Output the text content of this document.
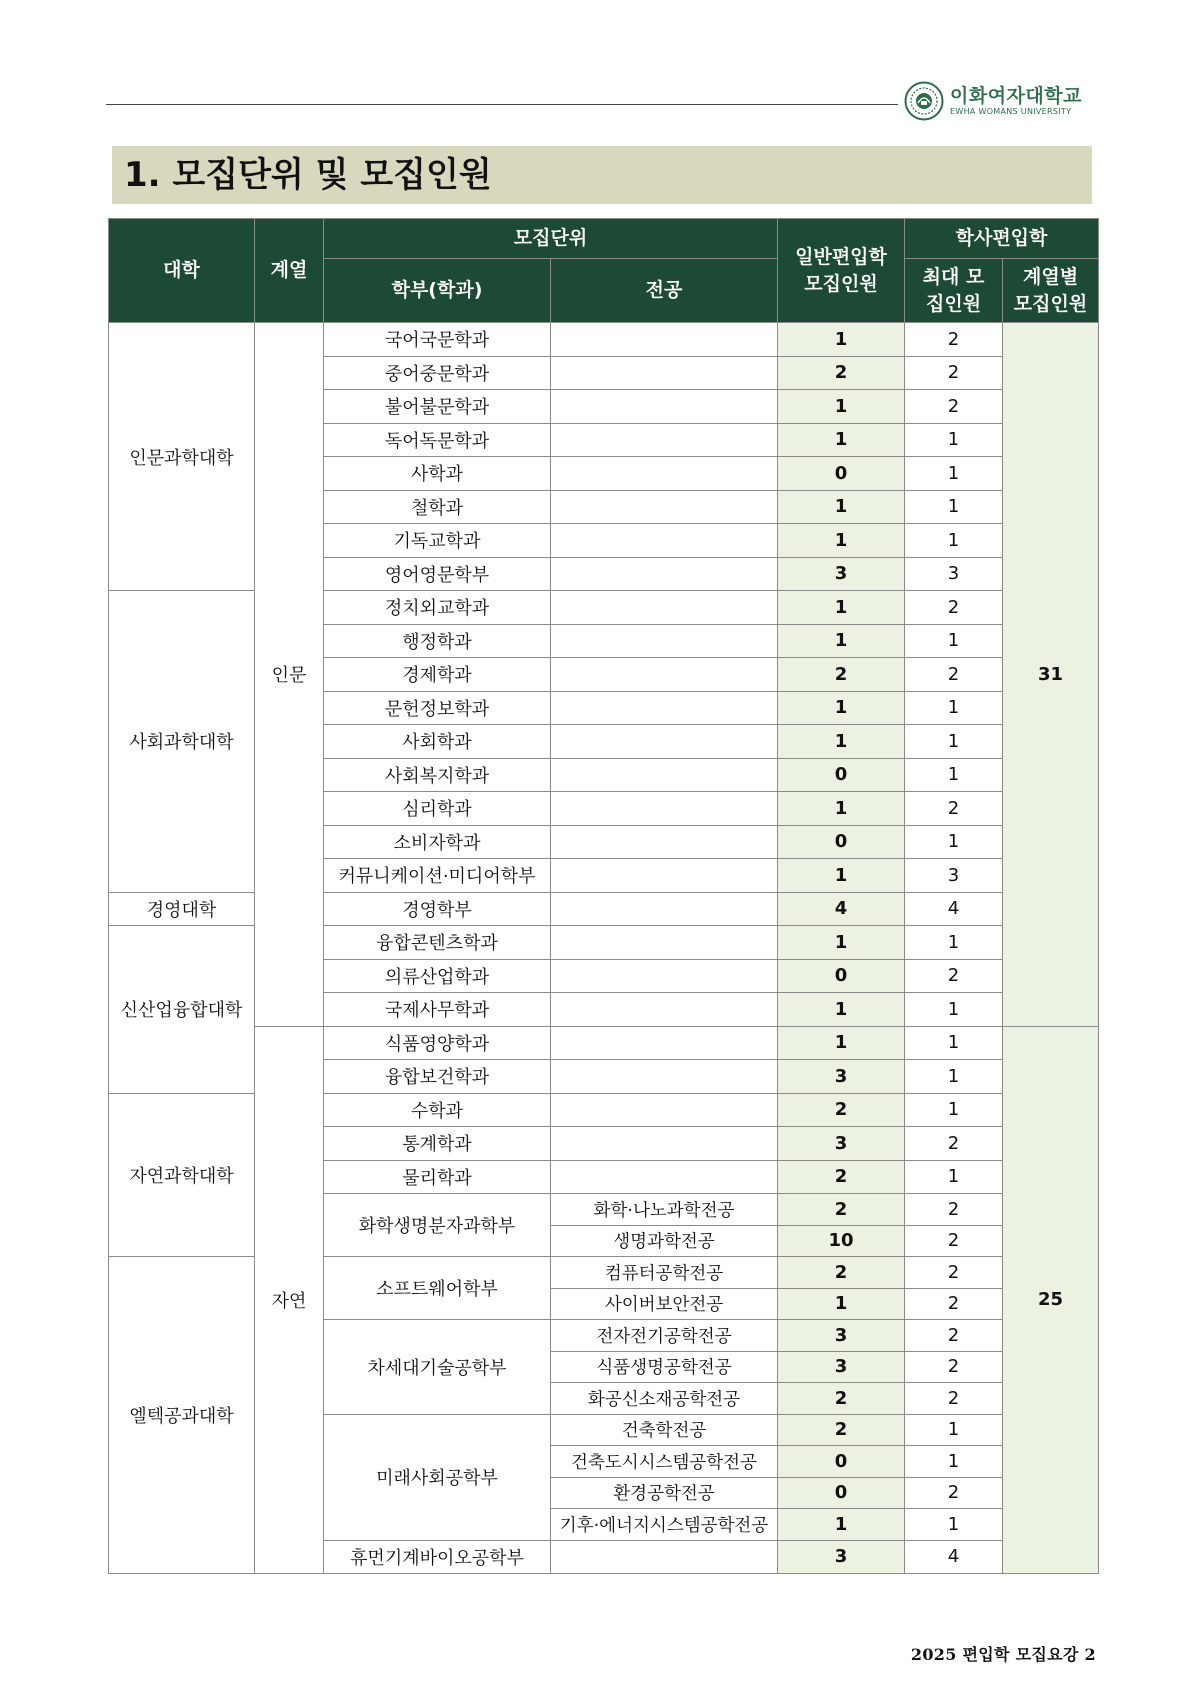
이화여자대학교
EWHA WOMANS UNIVERSITY
1. 모집단위 및 모집인원
대학	계열	모집단위		일반편입학 모집인원	학사편입학	
		학부(학과)	전공		최대 모집인원	계열별 모집인원
인문과학대학	인문	국어국문학과		1	2	31
		중어중문학과		2	2	
		불어불문학과		1	2	
		독어독문학과		1	1	
		사학과		0	1	
		철학과		1	1	
		기독교학과		1	1	
		영어영문학부		3	3	
사회과학대학		정치외교학과		1	2	
		행정학과		1	1	
		경제학과		2	2	
		문헌정보학과		1	1	
		사회학과		1	1	
		사회복지학과		0	1	
		심리학과		1	2	
		소비자학과		0	1	
		커뮤니케이션·미디어학부		1	3	
경영대학		경영학부		4	4	
신산업융합대학		융합콘텐츠학과		1	1	
		의류산업학과		0	2	
		국제사무학과		1	1	
	자연	식품영양학과		1	1	25
		융합보건학과		3	1	
자연과학대학		수학과		2	1	
		통계학과		3	2	
		물리학과		2	1	
		화학생명분자과학부	화학·나노과학전공	2	2	
			생명과학전공	10	2	
엘텍공과대학		소프트웨어학부	컴퓨터공학전공	2	2	
			사이버보안전공	1	2	
		차세대기술공학부	전자전기공학전공	3	2	
			식품생명공학전공	3	2	
			화공신소재공학전공	2	2	
		미래사회공학부	건축학전공	2	1	
			건축도시시스템공학전공	0	1	
			환경공학전공	0	2	
			기후·에너지시스템공학전공	1	1	
		휴먼기계바이오공학부		3	4	
2025 편입학 모집요강 2
